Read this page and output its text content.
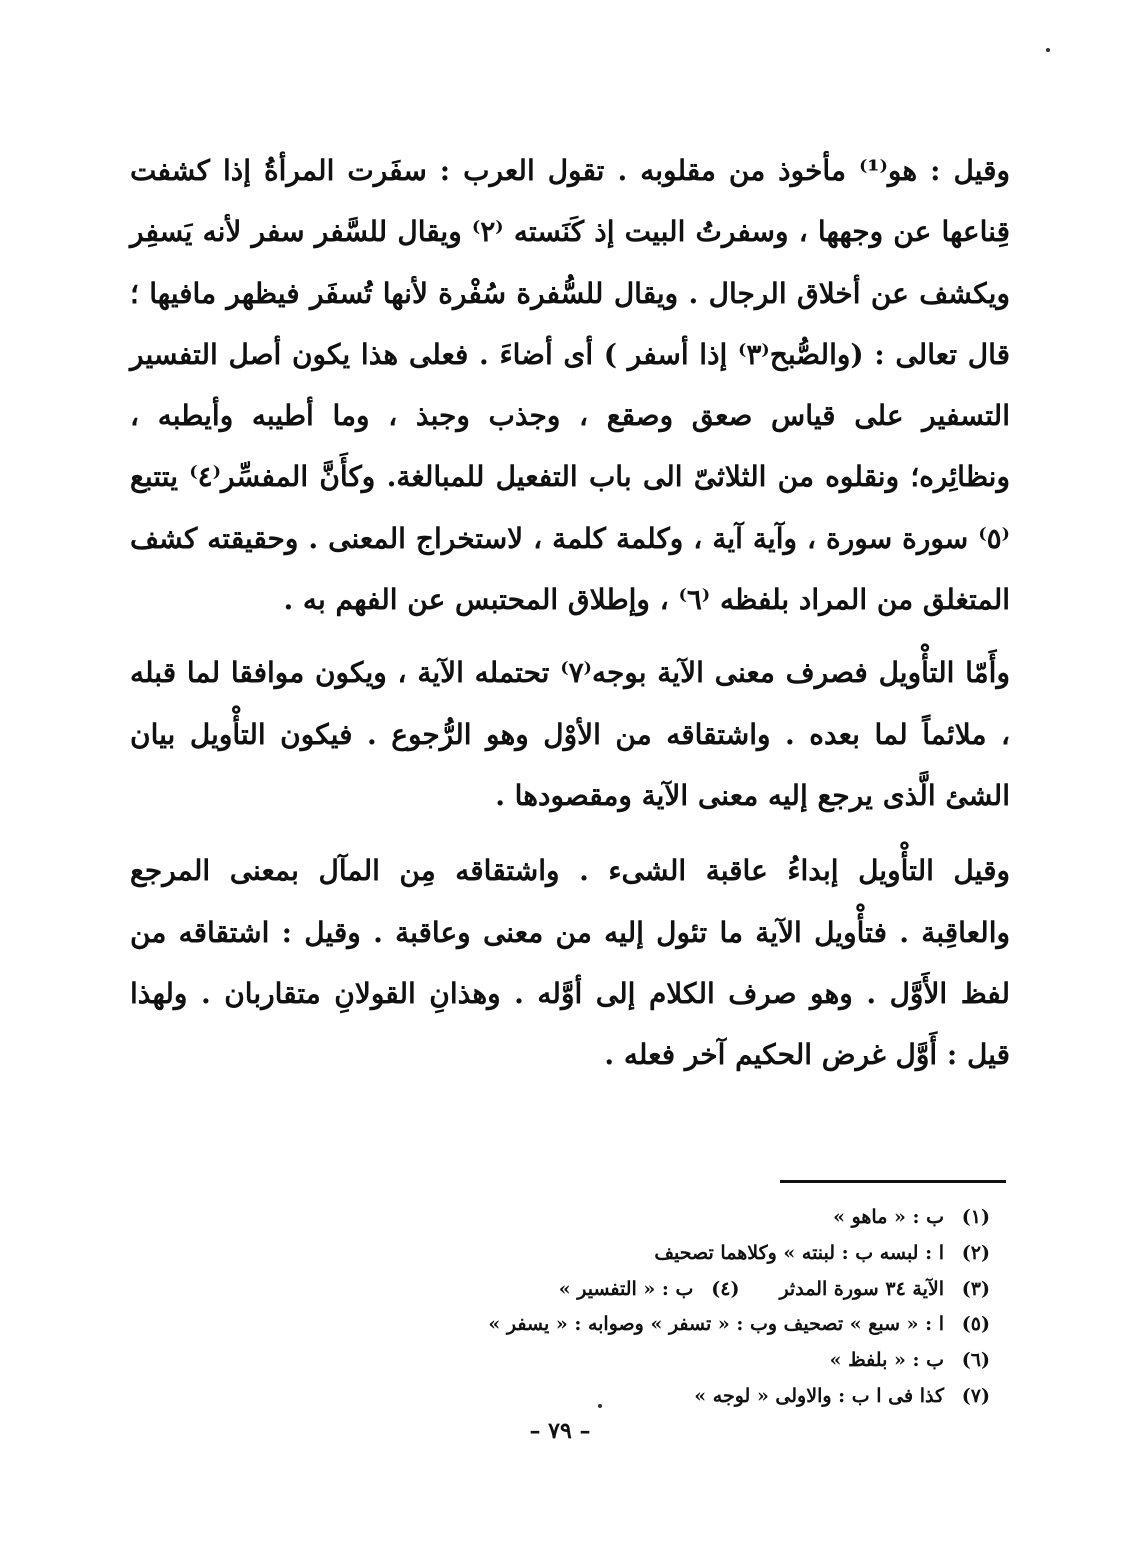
وقيل : هو⁽¹⁾ مأخوذ من مقلوبه . تقول العرب : سفَرت المرأةُ إذا كشفت قِناعها عن وجهها ، وسفرتُ البيت إذ كَنَسته ⁽٢⁾ ويقال للسَّفر سفر لأنه يَسفِر ويكشف عن أخلاق الرجال . ويقال للسُّفرة سُفْرة لأنها تُسفَر فيظهر مافيها ؛ قال تعالى : (والصُّبح⁽٣⁾ إذا أسفر ) أى أضاءَ . فعلى هذا يكون أصل التفسير التسفير على قياس صعق وصقع ، وجذب وجبذ ، وما أطيبه وأيطبه ، ونظائِره؛ ونقلوه من الثلاثىّ الى باب التفعيل للمبالغة. وكأَنَّ المفسِّر⁽٤⁾ يتتبع ⁽٥⁾ سورة سورة ، وآية آية ، وكلمة كلمة ، لاستخراج المعنى . وحقيقته كشف المتغلق من المراد بلفظه ⁽٦⁾ ، وإطلاق المحتبس عن الفهم به .

وأَمّا التأْويل فصرف معنى الآية بوجه⁽٧⁾ تحتمله الآية ، ويكون موافقا لما قبله ، ملائماً لما بعده . واشتقاقه من الأوْل وهو الرُّجوع . فيكون التأْويل بيان الشئ الَّذى يرجع إليه معنى الآية ومقصودها .

وقيل التأْويل إبداءُ عاقبة الشىء . واشتقاقه مِن المآل بمعنى المرجع والعاقِبة . فتأْويل الآية ما تئول إليه من معنى وعاقبة . وقيل : اشتقاقه من لفظ الأَوَّل . وهو صرف الكلام إلى أوَّله . وهذانِ القولانِ متقاربان . ولهذا قيل : أَوَّل غرض الحكيم آخر فعله .

(١)
ب : « ماهو »
(٢)
ا : لبسه ب : لبنته » وكلاهما تصحيف
(٣)
الآية ٣٤ سورة المدثر
(٤)
ب : « التفسير »
(٥)
ا : « سبع » تصحيف وب : « تسفر » وصوابه : « يسفر »
(٦)
ب : « بلفظ »
(٧)
كذا فى ا ب : والاولى « لوجه »
– ٧٩ –
